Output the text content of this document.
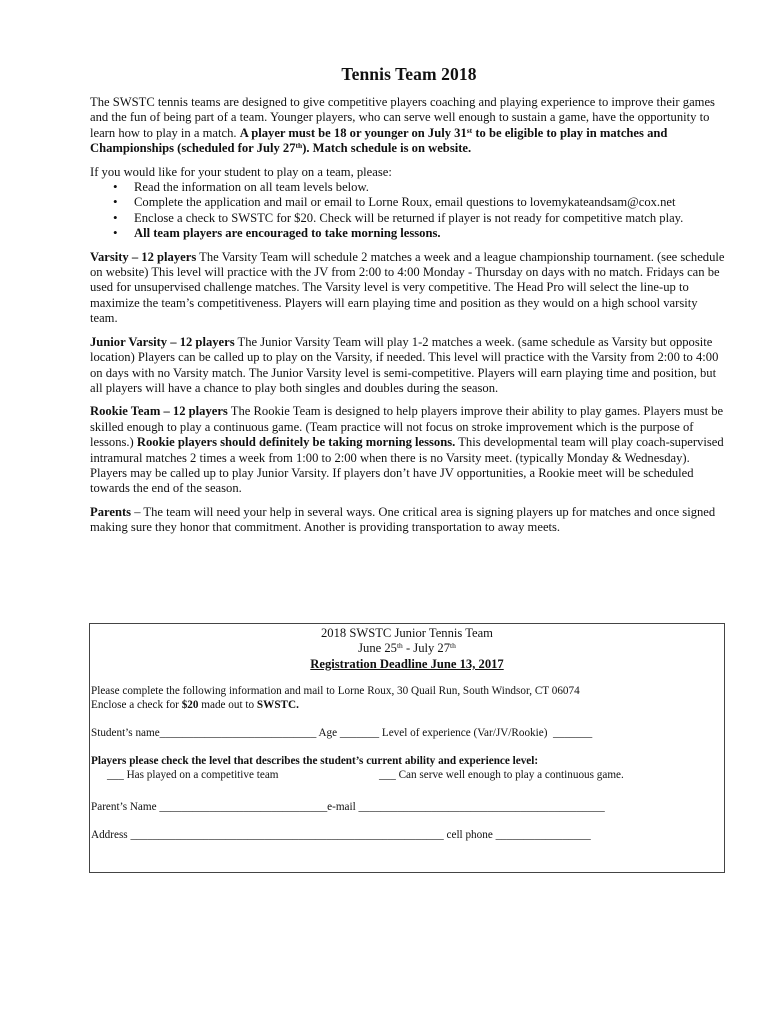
Tennis Team 2018

The SWSTC tennis teams are designed to give competitive players coaching and playing experience to improve their games and the fun of being part of a team. Younger players, who can serve well enough to sustain a game, have the opportunity to learn how to play in a match. A player must be 18 or younger on July 31st to be eligible to play in matches and Championships (scheduled for July 27th). Match schedule is on website.

If you would like for your student to play on a team, please:

• Read the information on all team levels below.
• Complete the application and mail or email to Lorne Roux, email questions to lovemykateandsam@cox.net
• Enclose a check to SWSTC for $20. Check will be returned if player is not ready for competitive match play.
• All team players are encouraged to take morning lessons.

Varsity – 12 players The Varsity Team will schedule 2 matches a week and a league championship tournament. (see schedule on website) This level will practice with the JV from 2:00 to 4:00 Monday - Thursday on days with no match. Fridays can be used for unsupervised challenge matches. The Varsity level is very competitive. The Head Pro will select the line-up to maximize the team’s competitiveness. Players will earn playing time and position as they would on a high school varsity team.

Junior Varsity – 12 players The Junior Varsity Team will play 1-2 matches a week. (same schedule as Varsity but opposite location) Players can be called up to play on the Varsity, if needed. This level will practice with the Varsity from 2:00 to 4:00 on days with no Varsity match. The Junior Varsity level is semi-competitive. Players will earn playing time and position, but all players will have a chance to play both singles and doubles during the season.

Rookie Team – 12 players The Rookie Team is designed to help players improve their ability to play games. Players must be skilled enough to play a continuous game. (Team practice will not focus on stroke improvement which is the purpose of lessons.) Rookie players should definitely be taking morning lessons. This developmental team will play coach-supervised intramural matches 2 times a week from 1:00 to 2:00 when there is no Varsity meet. (typically Monday & Wednesday). Players may be called up to play Junior Varsity. If players don’t have JV opportunities, a Rookie meet will be scheduled towards the end of the season.

Parents – The team will need your help in several ways. One critical area is signing players up for matches and once signed making sure they honor that commitment. Another is providing transportation to away meets.

2018 SWSTC Junior Tennis Team
June 25th - July 27th
Registration Deadline June 13, 2017
Please complete the following information and mail to Lorne Roux, 30 Quail Run, South Windsor, CT 06074
Enclose a check for $20 made out to SWSTC.
Student’s name____________________________ Age _______ Level of experience (Var/JV/Rookie)  _______
Players please check the level that describes the student’s current ability and experience level:
___ Has played on a competitive team	___ Can serve well enough to play a continuous game.
Parent’s Name ______________________________e-mail ____________________________________________
Address ________________________________________________________ cell phone _________________
